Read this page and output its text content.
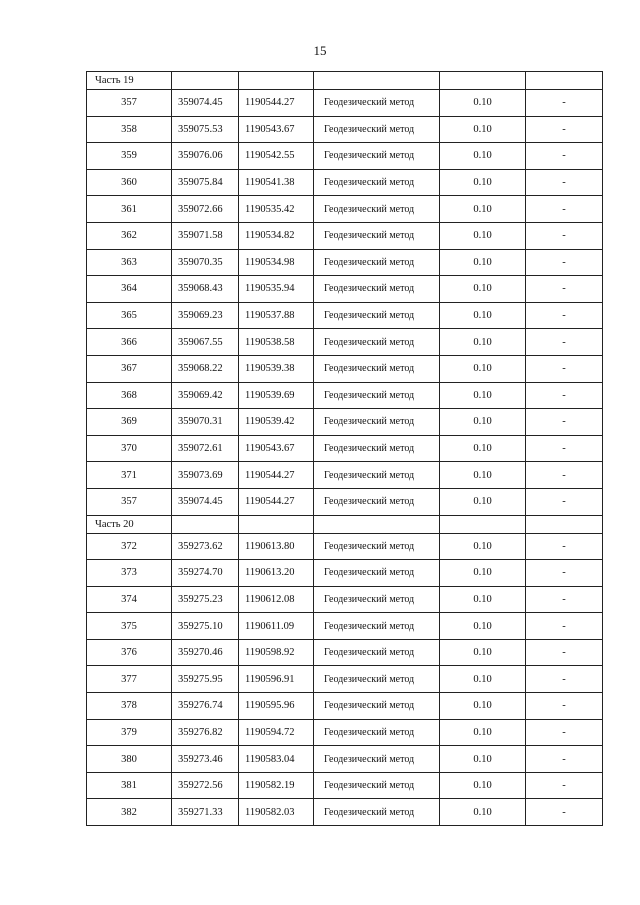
15
Часть 19					
357	359074.45	1190544.27	Геодезический метод	0.10	-
358	359075.53	1190543.67	Геодезический метод	0.10	-
359	359076.06	1190542.55	Геодезический метод	0.10	-
360	359075.84	1190541.38	Геодезический метод	0.10	-
361	359072.66	1190535.42	Геодезический метод	0.10	-
362	359071.58	1190534.82	Геодезический метод	0.10	-
363	359070.35	1190534.98	Геодезический метод	0.10	-
364	359068.43	1190535.94	Геодезический метод	0.10	-
365	359069.23	1190537.88	Геодезический метод	0.10	-
366	359067.55	1190538.58	Геодезический метод	0.10	-
367	359068.22	1190539.38	Геодезический метод	0.10	-
368	359069.42	1190539.69	Геодезический метод	0.10	-
369	359070.31	1190539.42	Геодезический метод	0.10	-
370	359072.61	1190543.67	Геодезический метод	0.10	-
371	359073.69	1190544.27	Геодезический метод	0.10	-
357	359074.45	1190544.27	Геодезический метод	0.10	-
Часть 20					
372	359273.62	1190613.80	Геодезический метод	0.10	-
373	359274.70	1190613.20	Геодезический метод	0.10	-
374	359275.23	1190612.08	Геодезический метод	0.10	-
375	359275.10	1190611.09	Геодезический метод	0.10	-
376	359270.46	1190598.92	Геодезический метод	0.10	-
377	359275.95	1190596.91	Геодезический метод	0.10	-
378	359276.74	1190595.96	Геодезический метод	0.10	-
379	359276.82	1190594.72	Геодезический метод	0.10	-
380	359273.46	1190583.04	Геодезический метод	0.10	-
381	359272.56	1190582.19	Геодезический метод	0.10	-
382	359271.33	1190582.03	Геодезический метод	0.10	-
